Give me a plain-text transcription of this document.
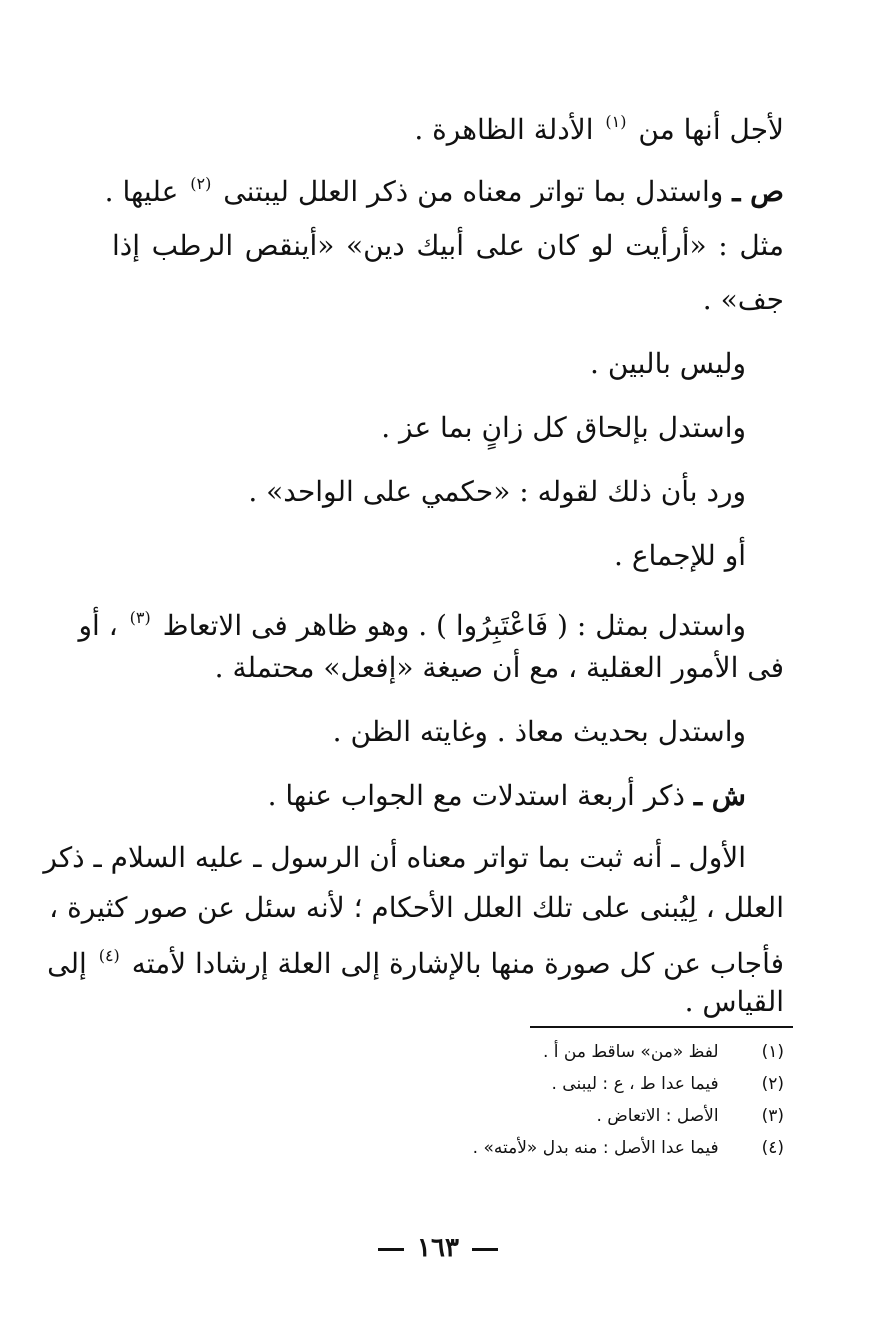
لأجل أنها من $^{(١)}$ الأدلة الظاهرة .
ص ـ واستدل بما تواتر معناه من ذكر العلل ليبتنى $^{(٢)}$ عليها .
مثل : «أرأيت لو كان على أبيك دين» «أينقص الرطب إذا
جف» .
وليس بالبين .
واستدل بإلحاق كل زانٍ بما عز .
ورد بأن ذلك لقوله : «حكمي على الواحد» .
أو للإجماع .
واستدل بمثل : ( فَاعْتَبِرُوا ) . وهو ظاهر فى الاتعاظ $^{(٣)}$ ، أو
فى الأمور العقلية ، مع أن صيغة «إفعل» محتملة .
واستدل بحديث معاذ . وغايته الظن .
ش ـ ذكر أربعة استدلات مع الجواب عنها .
الأول ـ أنه ثبت بما تواتر معناه أن الرسول ـ عليه السلام ـ ذكر
العلل ، لِيُبنى على تلك العلل الأحكام ؛ لأنه سئل عن صور كثيرة ،
فأجاب عن كل صورة منها بالإشارة إلى العلة إرشادا لأمته $^{(٤)}$ إلى
القياس .
(١) لفظ «من» ساقط من أ .
(٢) فيما عدا ط ، ع : ليبنى .
(٣) الأصل : الاتعاض .
(٤) فيما عدا الأصل : منه بدل «لأمته» .
١٦٣
